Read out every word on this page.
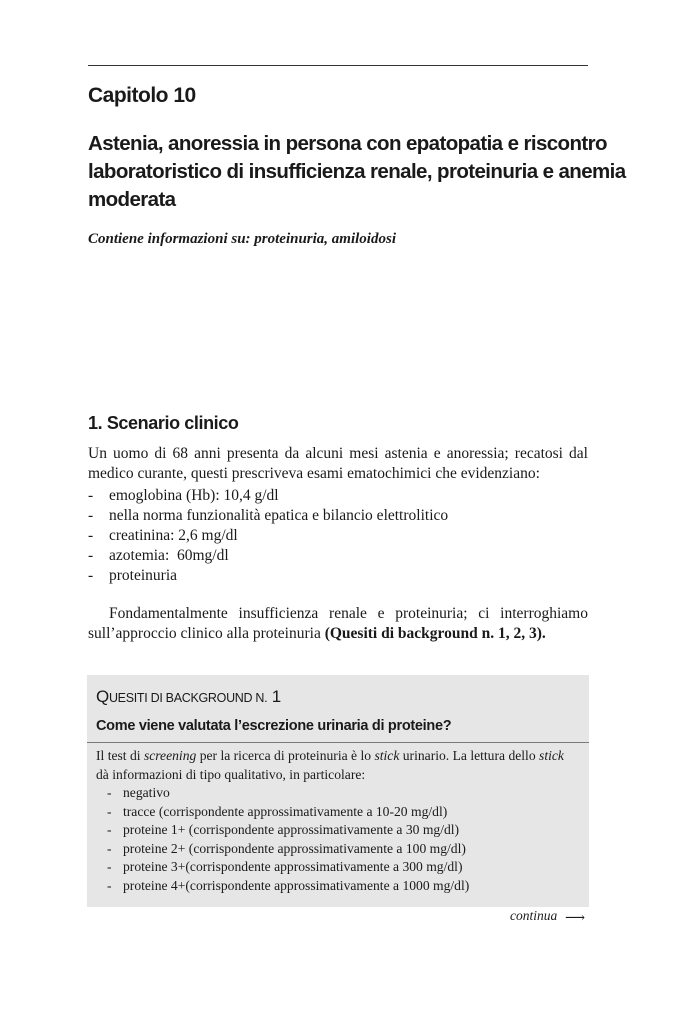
Capitolo 10
Astenia, anoressia in persona con epatopatia e riscontro
laboratoristico di insufficienza renale, proteinuria e anemia
moderata
Contiene informazioni su: proteinuria, amiloidosi
1. Scenario clinico
Un uomo di 68 anni presenta da alcuni mesi astenia e anoressia; recatosi dal
medico curante, questi prescriveva esami ematochimici che evidenziano:
- emoglobina (Hb): 10,4 g/dl
- nella norma funzionalità epatica e bilancio elettrolitico
- creatinina: 2,6 mg/dl
- azotemia:  60mg/dl
- proteinuria
Fondamentalmente insufficienza renale e proteinuria; ci interroghiamo
sull’approccio clinico alla proteinuria (Quesiti di background n. 1, 2, 3).
QUESITI DI BACKGROUND N. 1
Come viene valutata l’escrezione urinaria di proteine?
Il test di screening per la ricerca di proteinuria è lo stick urinario. La lettura dello stick
dà informazioni di tipo qualitativo, in particolare:
- negativo
- tracce (corrispondente approssimativamente a 10-20 mg/dl)
- proteine 1+ (corrispondente approssimativamente a 30 mg/dl)
- proteine 2+ (corrispondente approssimativamente a 100 mg/dl)
- proteine 3+(corrispondente approssimativamente a 300 mg/dl)
- proteine 4+(corrispondente approssimativamente a 1000 mg/dl)
continua ⟶
